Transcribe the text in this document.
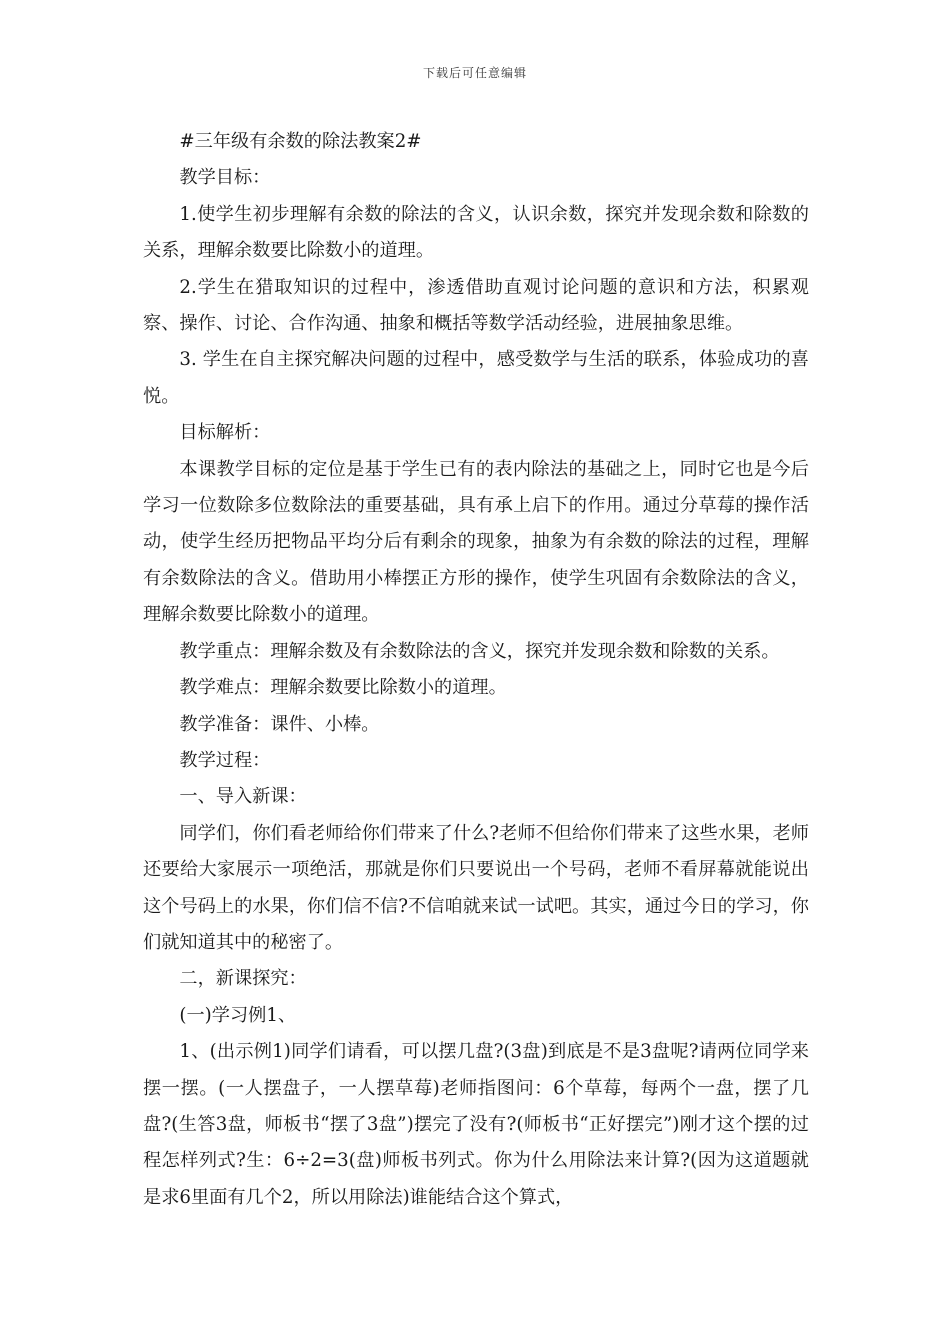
下载后可任意编辑

#三年级有余数的除法教案2#

教学目标：

1.使学生初步理解有余数的除法的含义，认识余数，探究并发现余数和除数的关系，理解余数要比除数小的道理。

2.学生在猎取知识的过程中，渗透借助直观讨论问题的意识和方法，积累观察、操作、讨论、合作沟通、抽象和概括等数学活动经验，进展抽象思维。

3. 学生在自主探究解决问题的过程中，感受数学与生活的联系，体验成功的喜悦。

目标解析：

本课教学目标的定位是基于学生已有的表内除法的基础之上，同时它也是今后学习一位数除多位数除法的重要基础，具有承上启下的作用。通过分草莓的操作活动，使学生经历把物品平均分后有剩余的现象，抽象为有余数的除法的过程，理解有余数除法的含义。借助用小棒摆正方形的操作，使学生巩固有余数除法的含义，理解余数要比除数小的道理。

教学重点：理解余数及有余数除法的含义，探究并发现余数和除数的关系。

教学难点：理解余数要比除数小的道理。

教学准备：课件、小棒。

教学过程：

一、导入新课：

同学们，你们看老师给你们带来了什么?老师不但给你们带来了这些水果，老师还要给大家展示一项绝活，那就是你们只要说出一个号码，老师不看屏幕就能说出这个号码上的水果，你们信不信?不信咱就来试一试吧。其实，通过今日的学习，你们就知道其中的秘密了。

二，新课探究：

(一)学习例1、

1、(出示例1)同学们请看，可以摆几盘?(3盘)到底是不是3盘呢?请两位同学来摆一摆。(一人摆盘子，一人摆草莓)老师指图问：6个草莓，每两个一盘，摆了几盘?(生答3盘，师板书“摆了3盘”)摆完了没有?(师板书“正好摆完”)刚才这个摆的过程怎样列式?生：6÷2=3(盘)师板书列式。你为什么用除法来计算?(因为这道题就是求6里面有几个2，所以用除法)谁能结合这个算式，
